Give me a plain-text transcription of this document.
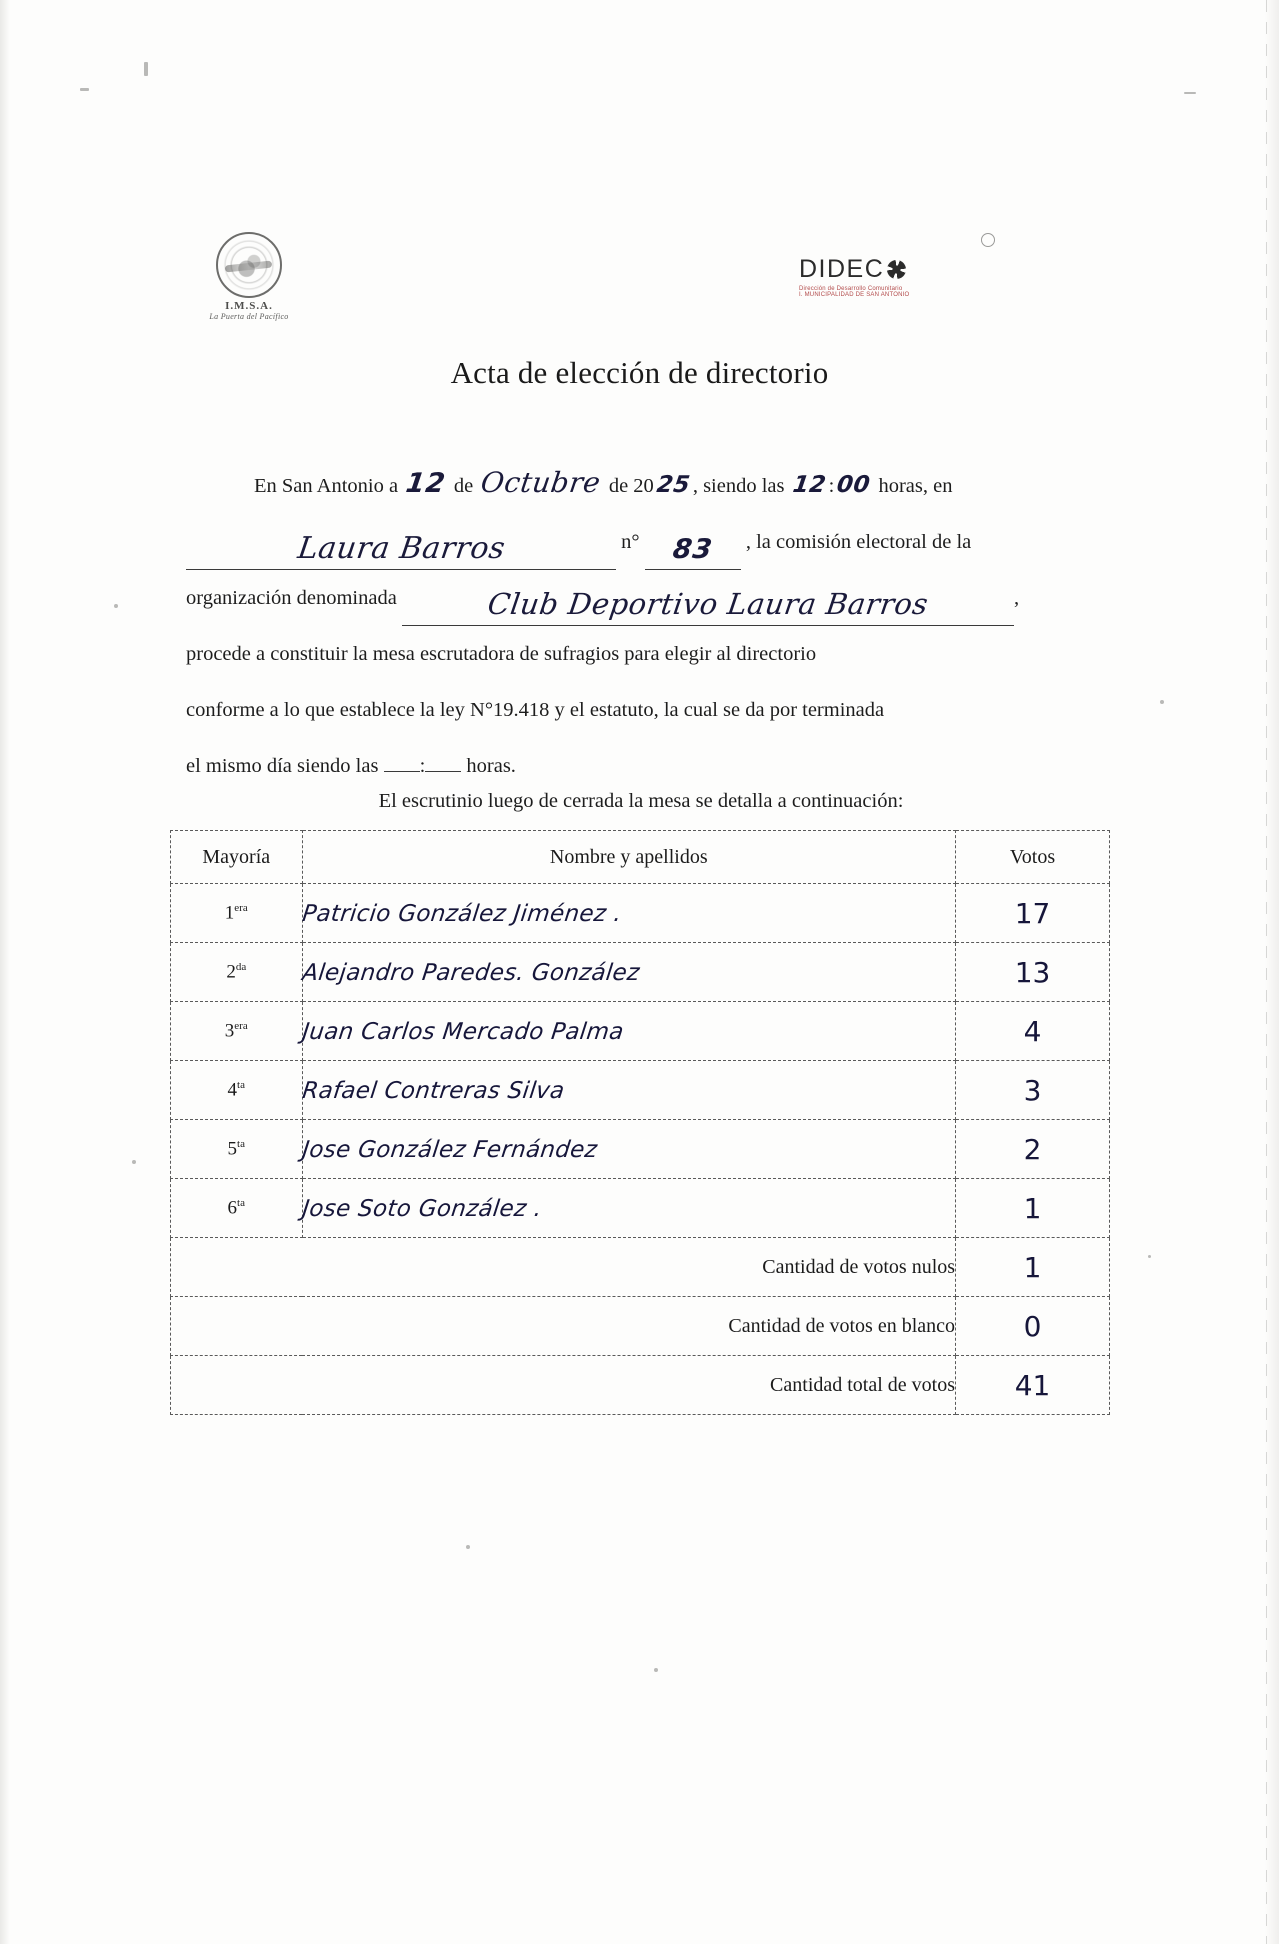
I.M.S.A.
La Puerta del Pacífico
DIDEC
Dirección de Desarrollo Comunitario
I. MUNICIPALIDAD DE SAN ANTONIO
Acta de elección de directorio
En San Antonio a 12 de Octubre de 2025, siendo las 12:00 horas, en
Laura Barros	n° 83 , la comisión electoral de la
organización denominada	Club Deportivo Laura Barros	,
procede a constituir la mesa escrutadora de sufragios para elegir al directorio
conforme a lo que establece la ley N°19.418 y el estatuto, la cual se da por terminada
el mismo día siendo las : horas.
El escrutinio luego de cerrada la mesa se detalla a continuación:
Mayoría	Nombre y apellidos	Votos
$1^{era}$	Patricio González Jiménez .	17
$2^{da}$	Alejandro Paredes. González	13
$3^{era}$	Juan Carlos Mercado Palma	4
$4^{ta}$	Rafael Contreras Silva	3
$5^{ta}$	Jose González Fernández	2
$6^{ta}$	Jose Soto González .	1
Cantidad de votos nulos		1
Cantidad de votos en blanco		0
Cantidad total de votos		41
